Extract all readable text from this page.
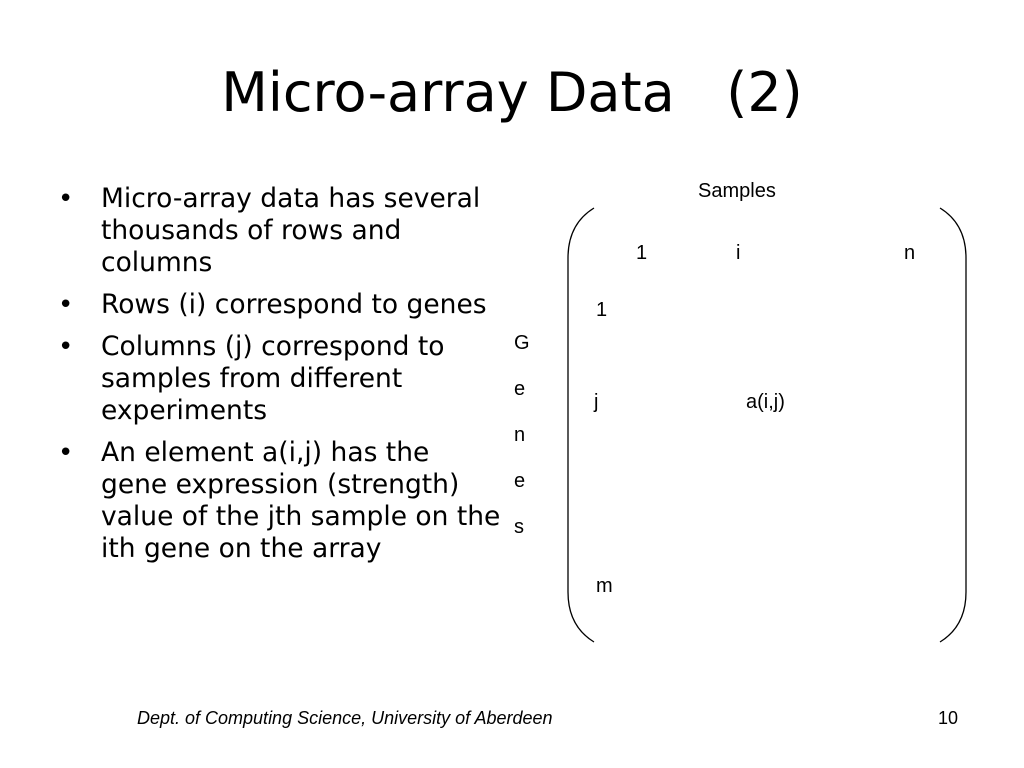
Micro-array Data   (2)
• Micro-array data has several thousands of rows and columns
• Rows (i) correspond to genes
• Columns (j) correspond to samples from different experiments
• An element a(i,j) has the gene expression (strength) value of the jth sample on the ith gene on the array
Samples
1	i	n
1
j
m
a(i,j)
G
e
n
e
s
Dept. of Computing Science, University of Aberdeen	10
